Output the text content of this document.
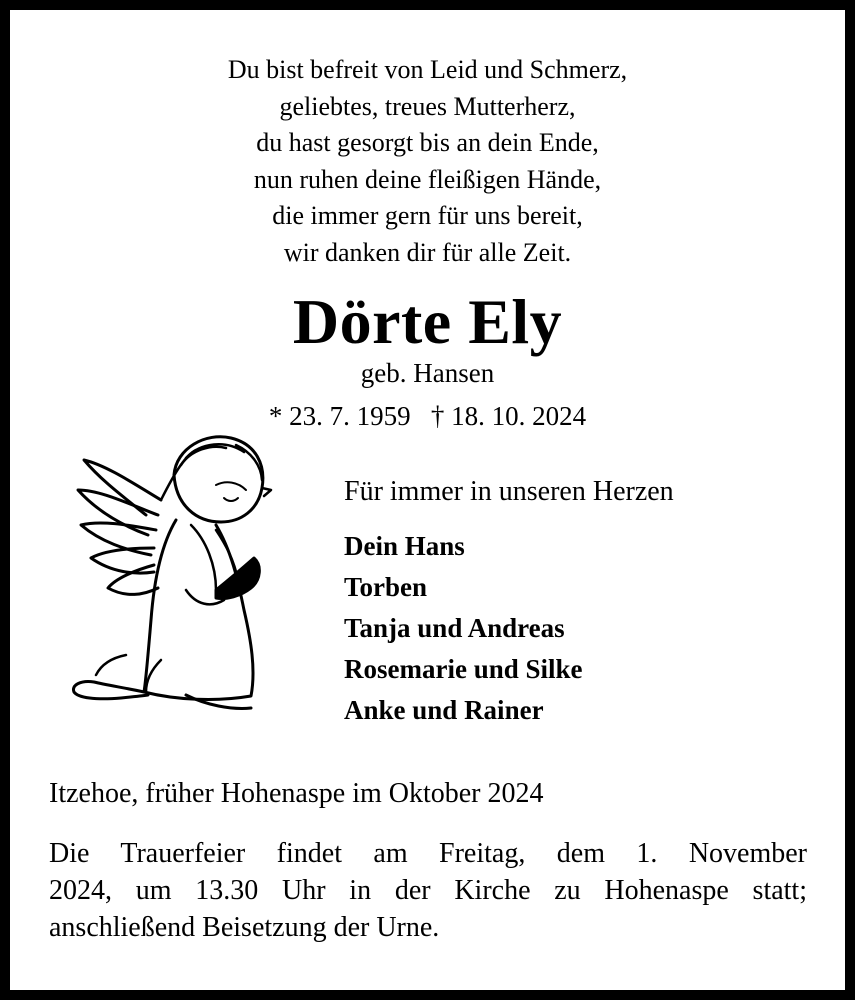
Du bist befreit von Leid und Schmerz,
geliebtes, treues Mutterherz,
du hast gesorgt bis an dein Ende,
nun ruhen deine fleißigen Hände,
die immer gern für uns bereit,
wir danken dir für alle Zeit.
Dörte Ely
geb. Hansen
* 23. 7. 1959   † 18. 10. 2024
Für immer in unseren Herzen
Dein Hans
Torben
Tanja und Andreas
Rosemarie und Silke
Anke und Rainer
Itzehoe, früher Hohenaspe im Oktober 2024
Die Trauerfeier findet am Freitag, dem 1. November
2024, um 13.30 Uhr in der Kirche zu Hohenaspe statt;
anschließend Beisetzung der Urne.
